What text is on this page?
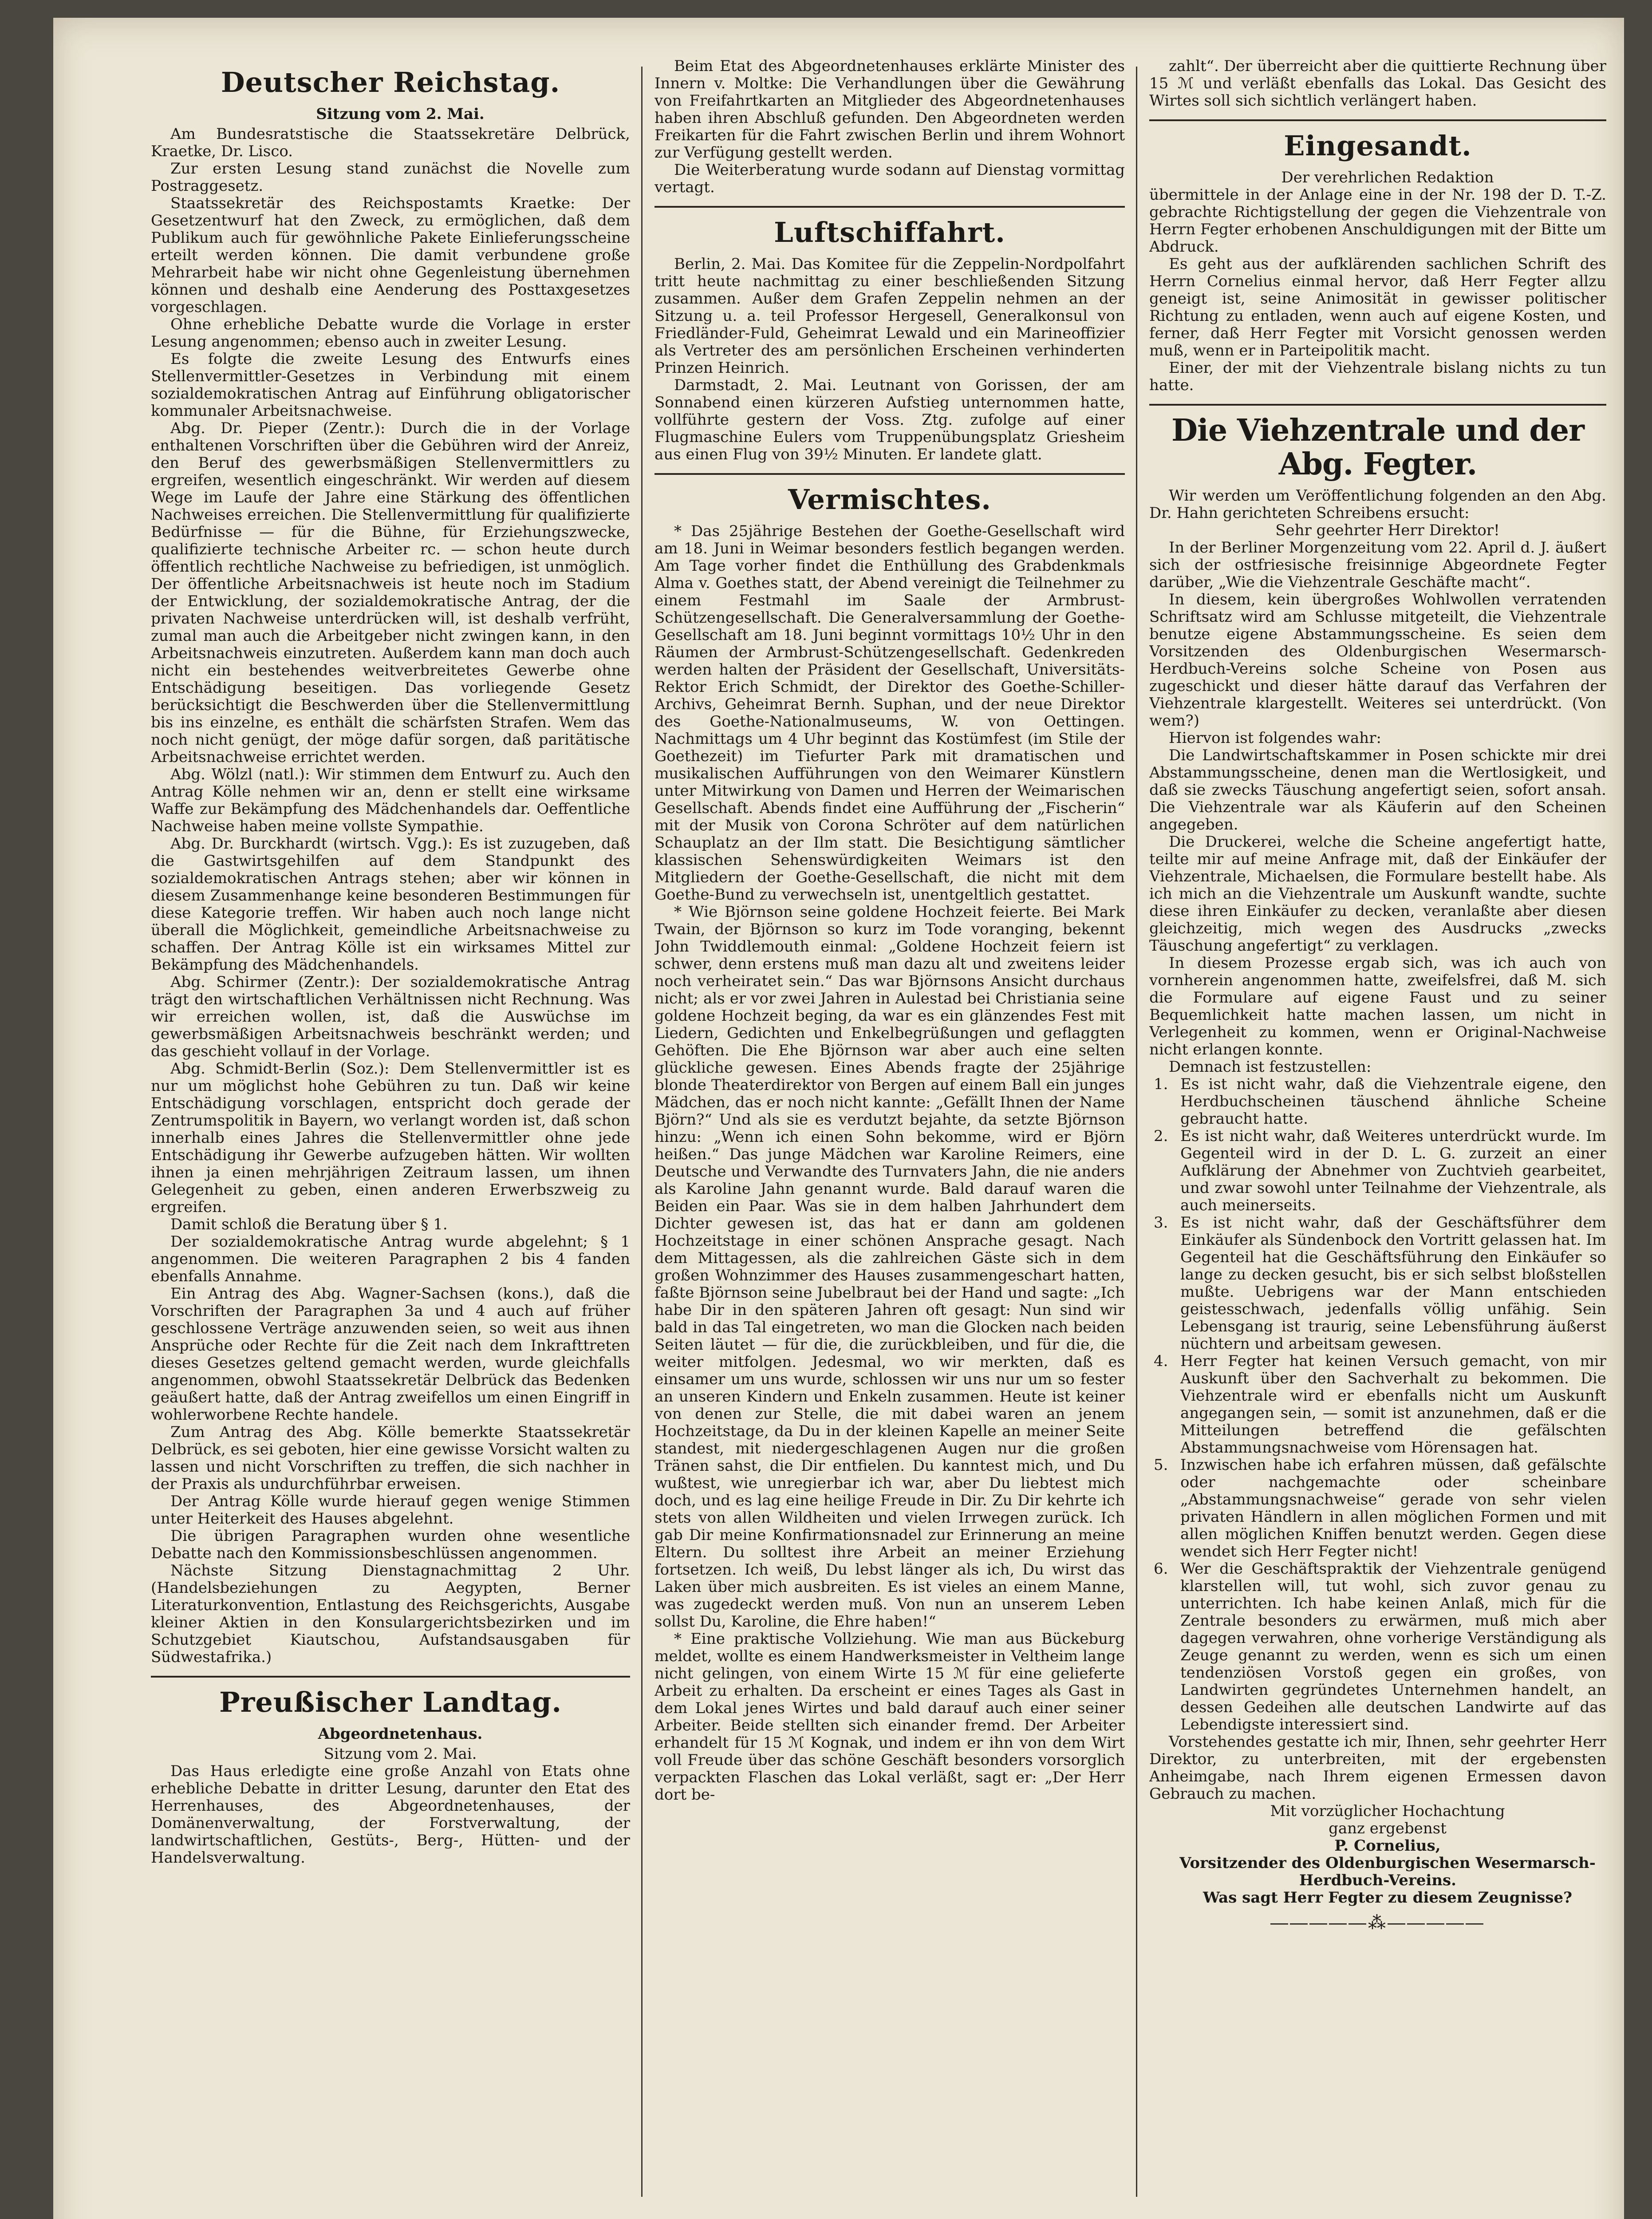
Deutscher Reichstag.

Sitzung vom 2. Mai.

Am Bundesratstische die Staatssekretäre Delbrück, Kraetke, Dr. Lisco.

Zur ersten Lesung stand zunächst die Novelle zum Postraggesetz.

Staatssekretär des Reichspostamts Kraetke: Der Gesetzentwurf hat den Zweck, zu ermöglichen, daß dem Publikum auch für gewöhnliche Pakete Einlieferungsscheine erteilt werden können. Die damit verbundene große Mehrarbeit habe wir nicht ohne Gegenleistung übernehmen können und deshalb eine Aenderung des Posttaxgesetzes vorgeschlagen.

Ohne erhebliche Debatte wurde die Vorlage in erster Lesung angenommen; ebenso auch in zweiter Lesung.

Es folgte die zweite Lesung des Entwurfs eines Stellenvermittler-Gesetzes in Verbindung mit einem sozialdemokratischen Antrag auf Einführung obligatorischer kommunaler Arbeitsnachweise.

Abg. Dr. Pieper (Zentr.): Durch die in der Vorlage enthaltenen Vorschriften über die Gebühren wird der Anreiz, den Beruf des gewerbsmäßigen Stellenvermittlers zu ergreifen, wesentlich eingeschränkt. Wir werden auf diesem Wege im Laufe der Jahre eine Stärkung des öffentlichen Nachweises erreichen. Die Stellenvermittlung für qualifizierte Bedürfnisse — für die Bühne, für Erziehungszwecke, qualifizierte technische Arbeiter rc. — schon heute durch öffentlich rechtliche Nachweise zu befriedigen, ist unmöglich. Der öffentliche Arbeitsnachweis ist heute noch im Stadium der Entwicklung, der sozialdemokratische Antrag, der die privaten Nachweise unterdrücken will, ist deshalb verfrüht, zumal man auch die Arbeitgeber nicht zwingen kann, in den Arbeitsnachweis einzutreten. Außerdem kann man doch auch nicht ein bestehendes weitverbreitetes Gewerbe ohne Entschädigung beseitigen. Das vorliegende Gesetz berücksichtigt die Beschwerden über die Stellenvermittlung bis ins einzelne, es enthält die schärfsten Strafen. Wem das noch nicht genügt, der möge dafür sorgen, daß paritätische Arbeitsnachweise errichtet werden.

Abg. Wölzl (natl.): Wir stimmen dem Entwurf zu. Auch den Antrag Kölle nehmen wir an, denn er stellt eine wirksame Waffe zur Bekämpfung des Mädchenhandels dar. Oeffentliche Nachweise haben meine vollste Sympathie.

Abg. Dr. Burckhardt (wirtsch. Vgg.): Es ist zuzugeben, daß die Gastwirtsgehilfen auf dem Standpunkt des sozialdemokratischen Antrags stehen; aber wir können in diesem Zusammenhange keine besonderen Bestimmungen für diese Kategorie treffen. Wir haben auch noch lange nicht überall die Möglichkeit, gemeindliche Arbeitsnachweise zu schaffen. Der Antrag Kölle ist ein wirksames Mittel zur Bekämpfung des Mädchenhandels.

Abg. Schirmer (Zentr.): Der sozialdemokratische Antrag trägt den wirtschaftlichen Verhältnissen nicht Rechnung. Was wir erreichen wollen, ist, daß die Auswüchse im gewerbsmäßigen Arbeitsnachweis beschränkt werden; und das geschieht vollauf in der Vorlage.

Abg. Schmidt-Berlin (Soz.): Dem Stellenvermittler ist es nur um möglichst hohe Gebühren zu tun. Daß wir keine Entschädigung vorschlagen, entspricht doch gerade der Zentrumspolitik in Bayern, wo verlangt worden ist, daß schon innerhalb eines Jahres die Stellenvermittler ohne jede Entschädigung ihr Gewerbe aufzugeben hätten. Wir wollten ihnen ja einen mehrjährigen Zeitraum lassen, um ihnen Gelegenheit zu geben, einen anderen Erwerbszweig zu ergreifen.

Damit schloß die Beratung über § 1.

Der sozialdemokratische Antrag wurde abgelehnt; § 1 angenommen. Die weiteren Paragraphen 2 bis 4 fanden ebenfalls Annahme.

Ein Antrag des Abg. Wagner-Sachsen (kons.), daß die Vorschriften der Paragraphen 3a und 4 auch auf früher geschlossene Verträge anzuwenden seien, so weit aus ihnen Ansprüche oder Rechte für die Zeit nach dem Inkrafttreten dieses Gesetzes geltend gemacht werden, wurde gleichfalls angenommen, obwohl Staatssekretär Delbrück das Bedenken geäußert hatte, daß der Antrag zweifellos um einen Eingriff in wohlerworbene Rechte handele.

Zum Antrag des Abg. Kölle bemerkte Staatssekretär Delbrück, es sei geboten, hier eine gewisse Vorsicht walten zu lassen und nicht Vorschriften zu treffen, die sich nachher in der Praxis als undurchführbar erweisen.

Der Antrag Kölle wurde hierauf gegen wenige Stimmen unter Heiterkeit des Hauses abgelehnt.

Die übrigen Paragraphen wurden ohne wesentliche Debatte nach den Kommissionsbeschlüssen angenommen.

Nächste Sitzung Dienstagnachmittag 2 Uhr. (Handelsbeziehungen zu Aegypten, Berner Literaturkonvention, Entlastung des Reichsgerichts, Ausgabe kleiner Aktien in den Konsulargerichtsbezirken und im Schutzgebiet Kiautschou, Aufstandsausgaben für Südwestafrika.)

Preußischer Landtag.

Abgeordnetenhaus.

Sitzung vom 2. Mai.

Das Haus erledigte eine große Anzahl von Etats ohne erhebliche Debatte in dritter Lesung, darunter den Etat des Herrenhauses, des Abgeordnetenhauses, der Domänenverwaltung, der Forstverwaltung, der landwirtschaftlichen, Gestüts-, Berg-, Hütten- und der Handelsverwaltung.

Beim Etat des Abgeordnetenhauses erklärte Minister des Innern v. Moltke: Die Verhandlungen über die Gewährung von Freifahrtkarten an Mitglieder des Abgeordnetenhauses haben ihren Abschluß gefunden. Den Abgeordneten werden Freikarten für die Fahrt zwischen Berlin und ihrem Wohnort zur Verfügung gestellt werden.

Die Weiterberatung wurde sodann auf Dienstag vormittag vertagt.

Luftschiffahrt.

Berlin, 2. Mai. Das Komitee für die Zeppelin-Nordpolfahrt tritt heute nachmittag zu einer beschließenden Sitzung zusammen. Außer dem Grafen Zeppelin nehmen an der Sitzung u. a. teil Professor Hergesell, Generalkonsul von Friedländer-Fuld, Geheimrat Lewald und ein Marineoffizier als Vertreter des am persönlichen Erscheinen verhinderten Prinzen Heinrich.

Darmstadt, 2. Mai. Leutnant von Gorissen, der am Sonnabend einen kürzeren Aufstieg unternommen hatte, vollführte gestern der Voss. Ztg. zufolge auf einer Flugmaschine Eulers vom Truppenübungsplatz Griesheim aus einen Flug von 39½ Minuten. Er landete glatt.

Vermischtes.

* Das 25jährige Bestehen der Goethe-Gesellschaft wird am 18. Juni in Weimar besonders festlich begangen werden. Am Tage vorher findet die Enthüllung des Grabdenkmals Alma v. Goethes statt, der Abend vereinigt die Teilnehmer zu einem Festmahl im Saale der Armbrust-Schützengesellschaft. Die Generalversammlung der Goethe-Gesellschaft am 18. Juni beginnt vormittags 10½ Uhr in den Räumen der Armbrust-Schützengesellschaft. Gedenkreden werden halten der Präsident der Gesellschaft, Universitäts-Rektor Erich Schmidt, der Direktor des Goethe-Schiller-Archivs, Geheimrat Bernh. Suphan, und der neue Direktor des Goethe-Nationalmuseums, W. von Oettingen. Nachmittags um 4 Uhr beginnt das Kostümfest (im Stile der Goethezeit) im Tiefurter Park mit dramatischen und musikalischen Aufführungen von den Weimarer Künstlern unter Mitwirkung von Damen und Herren der Weimarischen Gesellschaft. Abends findet eine Aufführung der „Fischerin“ mit der Musik von Corona Schröter auf dem natürlichen Schauplatz an der Ilm statt. Die Besichtigung sämtlicher klassischen Sehenswürdigkeiten Weimars ist den Mitgliedern der Goethe-Gesellschaft, die nicht mit dem Goethe-Bund zu verwechseln ist, unentgeltlich gestattet.

* Wie Björnson seine goldene Hochzeit feierte. Bei Mark Twain, der Björnson so kurz im Tode voranging, bekennt John Twiddlemouth einmal: „Goldene Hochzeit feiern ist schwer, denn erstens muß man dazu alt und zweitens leider noch verheiratet sein.“ Das war Björnsons Ansicht durchaus nicht; als er vor zwei Jahren in Aulestad bei Christiania seine goldene Hochzeit beging, da war es ein glänzendes Fest mit Liedern, Gedichten und Enkelbegrüßungen und geflaggten Gehöften. Die Ehe Björnson war aber auch eine selten glückliche gewesen. Eines Abends fragte der 25jährige blonde Theaterdirektor von Bergen auf einem Ball ein junges Mädchen, das er noch nicht kannte: „Gefällt Ihnen der Name Björn?“ Und als sie es verdutzt bejahte, da setzte Björnson hinzu: „Wenn ich einen Sohn bekomme, wird er Björn heißen.“ Das junge Mädchen war Karoline Reimers, eine Deutsche und Verwandte des Turnvaters Jahn, die nie anders als Karoline Jahn genannt wurde. Bald darauf waren die Beiden ein Paar. Was sie in dem halben Jahrhundert dem Dichter gewesen ist, das hat er dann am goldenen Hochzeitstage in einer schönen Ansprache gesagt. Nach dem Mittagessen, als die zahlreichen Gäste sich in dem großen Wohnzimmer des Hauses zusammengeschart hatten, faßte Björnson seine Jubelbraut bei der Hand und sagte: „Ich habe Dir in den späteren Jahren oft gesagt: Nun sind wir bald in das Tal eingetreten, wo man die Glocken nach beiden Seiten läutet — für die, die zurückbleiben, und für die, die weiter mitfolgen. Jedesmal, wo wir merkten, daß es einsamer um uns wurde, schlossen wir uns nur um so fester an unseren Kindern und Enkeln zusammen. Heute ist keiner von denen zur Stelle, die mit dabei waren an jenem Hochzeitstage, da Du in der kleinen Kapelle an meiner Seite standest, mit niedergeschlagenen Augen nur die großen Tränen sahst, die Dir entfielen. Du kanntest mich, und Du wußtest, wie unregierbar ich war, aber Du liebtest mich doch, und es lag eine heilige Freude in Dir. Zu Dir kehrte ich stets von allen Wildheiten und vielen Irrwegen zurück. Ich gab Dir meine Konfirmationsnadel zur Erinnerung an meine Eltern. Du solltest ihre Arbeit an meiner Erziehung fortsetzen. Ich weiß, Du lebst länger als ich, Du wirst das Laken über mich ausbreiten. Es ist vieles an einem Manne, was zugedeckt werden muß. Von nun an unserem Leben sollst Du, Karoline, die Ehre haben!“

* Eine praktische Vollziehung. Wie man aus Bückeburg meldet, wollte es einem Handwerksmeister in Veltheim lange nicht gelingen, von einem Wirte 15 ℳ für eine gelieferte Arbeit zu erhalten. Da erscheint er eines Tages als Gast in dem Lokal jenes Wirtes und bald darauf auch einer seiner Arbeiter. Beide stellten sich einander fremd. Der Arbeiter erhandelt für 15 ℳ Kognak, und indem er ihn von dem Wirt voll Freude über das schöne Geschäft besonders vorsorglich verpackten Flaschen das Lokal verläßt, sagt er: „Der Herr dort be-

zahlt“. Der überreicht aber die quittierte Rechnung über 15 ℳ und verläßt ebenfalls das Lokal. Das Gesicht des Wirtes soll sich sichtlich verlängert haben.

Eingesandt.

Der verehrlichen Redaktion

übermittele in der Anlage eine in der Nr. 198 der D. T.-Z. gebrachte Richtigstellung der gegen die Viehzentrale von Herrn Fegter erhobenen Anschuldigungen mit der Bitte um Abdruck.

Es geht aus der aufklärenden sachlichen Schrift des Herrn Cornelius einmal hervor, daß Herr Fegter allzu geneigt ist, seine Animosität in gewisser politischer Richtung zu entladen, wenn auch auf eigene Kosten, und ferner, daß Herr Fegter mit Vorsicht genossen werden muß, wenn er in Parteipolitik macht.

Einer, der mit der Viehzentrale bislang nichts zu tun hatte.

Die Viehzentrale und der Abg. Fegter.

Wir werden um Veröffentlichung folgenden an den Abg. Dr. Hahn gerichteten Schreibens ersucht:

Sehr geehrter Herr Direktor!

In der Berliner Morgenzeitung vom 22. April d. J. äußert sich der ostfriesische freisinnige Abgeordnete Fegter darüber, „Wie die Viehzentrale Geschäfte macht“.

In diesem, kein übergroßes Wohlwollen verratenden Schriftsatz wird am Schlusse mitgeteilt, die Viehzentrale benutze eigene Abstammungsscheine. Es seien dem Vorsitzenden des Oldenburgischen Wesermarsch-Herdbuch-Vereins solche Scheine von Posen aus zugeschickt und dieser hätte darauf das Verfahren der Viehzentrale klargestellt. Weiteres sei unterdrückt. (Von wem?)

Hiervon ist folgendes wahr:

Die Landwirtschaftskammer in Posen schickte mir drei Abstammungsscheine, denen man die Wertlosigkeit, und daß sie zwecks Täuschung angefertigt seien, sofort ansah. Die Viehzentrale war als Käuferin auf den Scheinen angegeben.

Die Druckerei, welche die Scheine angefertigt hatte, teilte mir auf meine Anfrage mit, daß der Einkäufer der Viehzentrale, Michaelsen, die Formulare bestellt habe. Als ich mich an die Viehzentrale um Auskunft wandte, suchte diese ihren Einkäufer zu decken, veranlaßte aber diesen gleichzeitig, mich wegen des Ausdrucks „zwecks Täuschung angefertigt“ zu verklagen.

In diesem Prozesse ergab sich, was ich auch von vornherein angenommen hatte, zweifelsfrei, daß M. sich die Formulare auf eigene Faust und zu seiner Bequemlichkeit hatte machen lassen, um nicht in Verlegenheit zu kommen, wenn er Original-Nachweise nicht erlangen konnte.

Demnach ist festzustellen:

1. Es ist nicht wahr, daß die Viehzentrale eigene, den Herdbuchscheinen täuschend ähnliche Scheine gebraucht hatte.

2. Es ist nicht wahr, daß Weiteres unterdrückt wurde. Im Gegenteil wird in der D. L. G. zurzeit an einer Aufklärung der Abnehmer von Zuchtvieh gearbeitet, und zwar sowohl unter Teilnahme der Viehzentrale, als auch meinerseits.

3. Es ist nicht wahr, daß der Geschäftsführer dem Einkäufer als Sündenbock den Vortritt gelassen hat. Im Gegenteil hat die Geschäftsführung den Einkäufer so lange zu decken gesucht, bis er sich selbst bloßstellen mußte. Uebrigens war der Mann entschieden geistesschwach, jedenfalls völlig unfähig. Sein Lebensgang ist traurig, seine Lebensführung äußerst nüchtern und arbeitsam gewesen.

4. Herr Fegter hat keinen Versuch gemacht, von mir Auskunft über den Sachverhalt zu bekommen. Die Viehzentrale wird er ebenfalls nicht um Auskunft angegangen sein, — somit ist anzunehmen, daß er die Mitteilungen betreffend die gefälschten Abstammungsnachweise vom Hörensagen hat.

5. Inzwischen habe ich erfahren müssen, daß gefälschte oder nachgemachte oder scheinbare „Abstammungsnachweise“ gerade von sehr vielen privaten Händlern in allen möglichen Formen und mit allen möglichen Kniffen benutzt werden. Gegen diese wendet sich Herr Fegter nicht!

6. Wer die Geschäftspraktik der Viehzentrale genügend klarstellen will, tut wohl, sich zuvor genau zu unterrichten. Ich habe keinen Anlaß, mich für die Zentrale besonders zu erwärmen, muß mich aber dagegen verwahren, ohne vorherige Verständigung als Zeuge genannt zu werden, wenn es sich um einen tendenziösen Vorstoß gegen ein großes, von Landwirten gegründetes Unternehmen handelt, an dessen Gedeihen alle deutschen Landwirte auf das Lebendigste interessiert sind.

Vorstehendes gestatte ich mir, Ihnen, sehr geehrter Herr Direktor, zu unterbreiten, mit der ergebensten Anheimgabe, nach Ihrem eigenen Ermessen davon Gebrauch zu machen.

Mit vorzüglicher Hochachtung

ganz ergebenst

P. Cornelius,

Vorsitzender des Oldenburgischen Wesermarsch-Herdbuch-Vereins.

Was sagt Herr Fegter zu diesem Zeugnisse?

―――――⁂―――――
